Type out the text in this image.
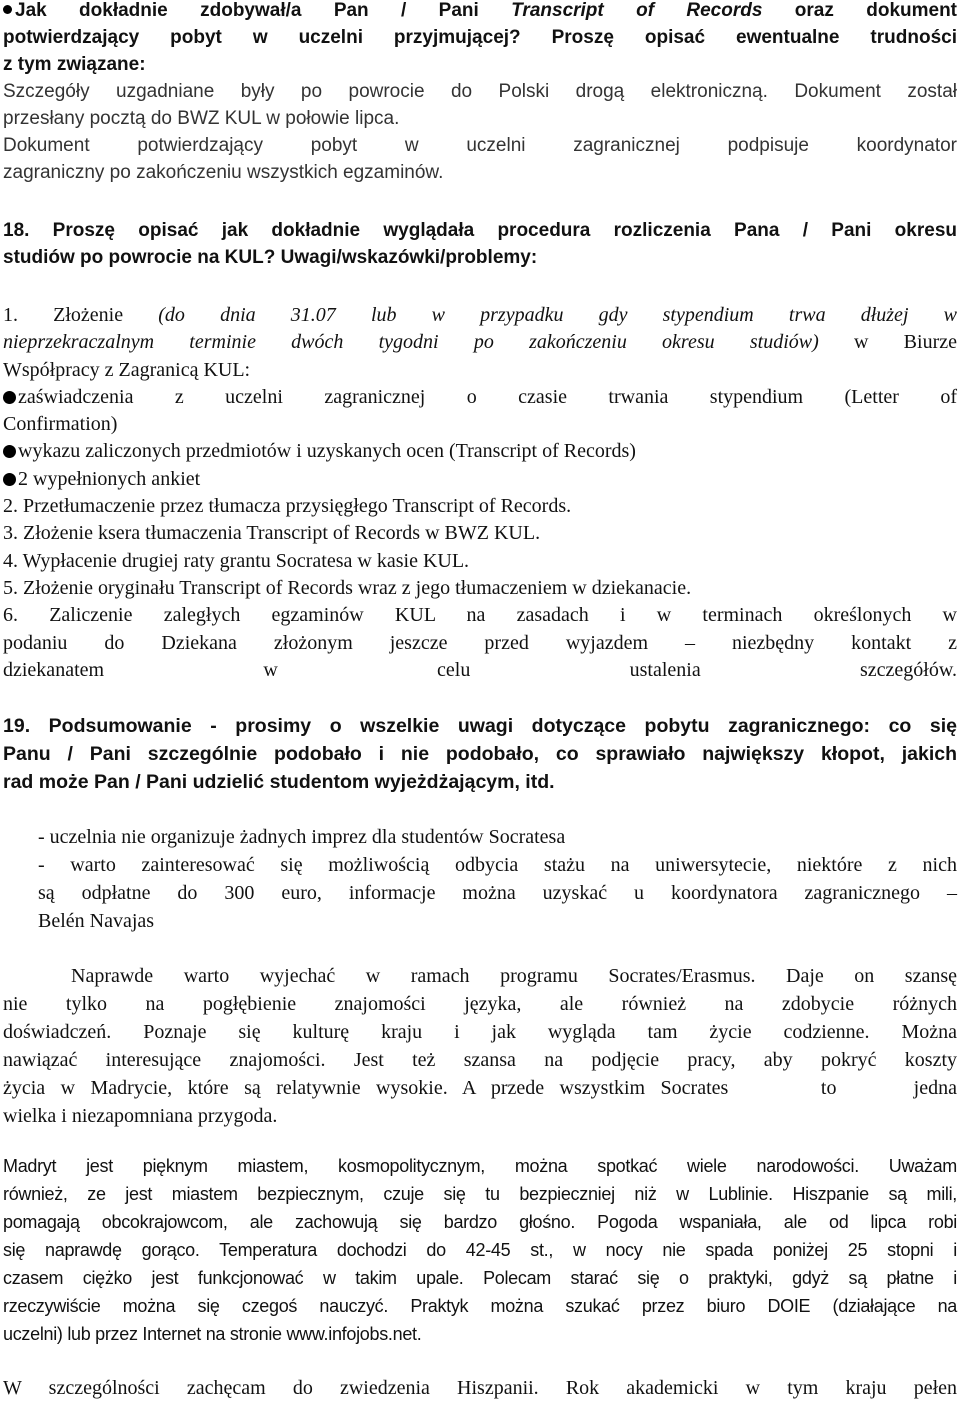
Jak dokładnie zdobywał/a Pan / Pani Transcript of Records oraz dokument
potwierdzający pobyt w uczelni przyjmującej? Proszę opisać ewentualne trudności
z tym związane:
Szczegóły uzgadniane były po powrocie do Polski drogą elektroniczną. Dokument został
przesłany pocztą do BWZ KUL w połowie lipca.
Dokument potwierdzający pobyt w uczelni zagranicznej podpisuje koordynator
zagraniczny po zakończeniu wszystkich egzaminów.
18. Proszę opisać jak dokładnie wyglądała procedura rozliczenia Pana / Pani okresu
studiów po powrocie na KUL? Uwagi/wskazówki/problemy:
1. Złożenie (do dnia 31.07 lub w przypadku gdy stypendium trwa dłużej w
nieprzekraczalnym terminie dwóch tygodni po zakończeniu okresu studiów) w Biurze
Współpracy z Zagranicą KUL:
zaświadczenia z uczelni zagranicznej o czasie trwania stypendium (Letter of
Confirmation)
wykazu zaliczonych przedmiotów i uzyskanych ocen (Transcript of Records)
2 wypełnionych ankiet
2. Przetłumaczenie przez tłumacza przysięgłego Transcript of Records.
3. Złożenie ksera tłumaczenia Transcript of Records w BWZ KUL.
4. Wypłacenie drugiej raty grantu Socratesa w kasie KUL.
5. Złożenie oryginału Transcript of Records wraz z jego tłumaczeniem w dziekanacie.
6. Zaliczenie zaległych egzaminów KUL na zasadach i w terminach określonych w
podaniu do Dziekana złożonym jeszcze przed wyjazdem – niezbędny kontakt z
dziekanatem	w	celu	ustalenia	szczegółów.
19. Podsumowanie - prosimy o wszelkie uwagi dotyczące pobytu zagranicznego: co się
Panu / Pani szczególnie podobało i nie podobało, co sprawiało największy kłopot, jakich
rad może Pan / Pani udzielić studentom wyjeżdżającym, itd.
- uczelnia nie organizuje żadnych imprez dla studentów Socratesa
- warto zainteresować się możliwością odbycia stażu na uniwersytecie, niektóre z nich
są odpłatne do 300 euro, informacje można uzyskać u koordynatora zagranicznego –
Belén Navajas
Naprawde warto wyjechać w ramach programu Socrates/Erasmus. Daje on szansę
nie tylko na pogłębienie znajomości języka, ale również na zdobycie różnych
doświadczeń. Poznaje się kulturę kraju i jak wygląda tam życie codzienne. Można
nawiązać interesujące znajomości. Jest też szansa na podjęcie pracy, aby pokryć koszty
życia w Madrycie, które są relatywnie wysokie. A przede wszystkim Socrates      to     jedna
wielka i niezapomniana przygoda.
Madryt jest pięknym miastem, kosmopolitycznym, można spotkać wiele narodowości. Uważam
również, ze jest miastem bezpiecznym, czuje się tu bezpieczniej niż w Lublinie. Hiszpanie są mili,
pomagają obcokrajowcom, ale zachowują się bardzo głośno. Pogoda wspaniała, ale od lipca robi
się naprawdę gorąco. Temperatura dochodzi do 42-45 st., w nocy nie spada poniżej 25 stopni i
czasem ciężko jest funkcjonować w takim upale. Polecam starać się o praktyki, gdyż są płatne i
rzeczywiście można się czegoś nauczyć. Praktyk można szukać przez biuro DOIE (działające na
uczelni) lub przez Internet na stronie www.infojobs.net.
W szczególności zachęcam do zwiedzenia Hiszpanii. Rok akademicki w tym kraju pełen
